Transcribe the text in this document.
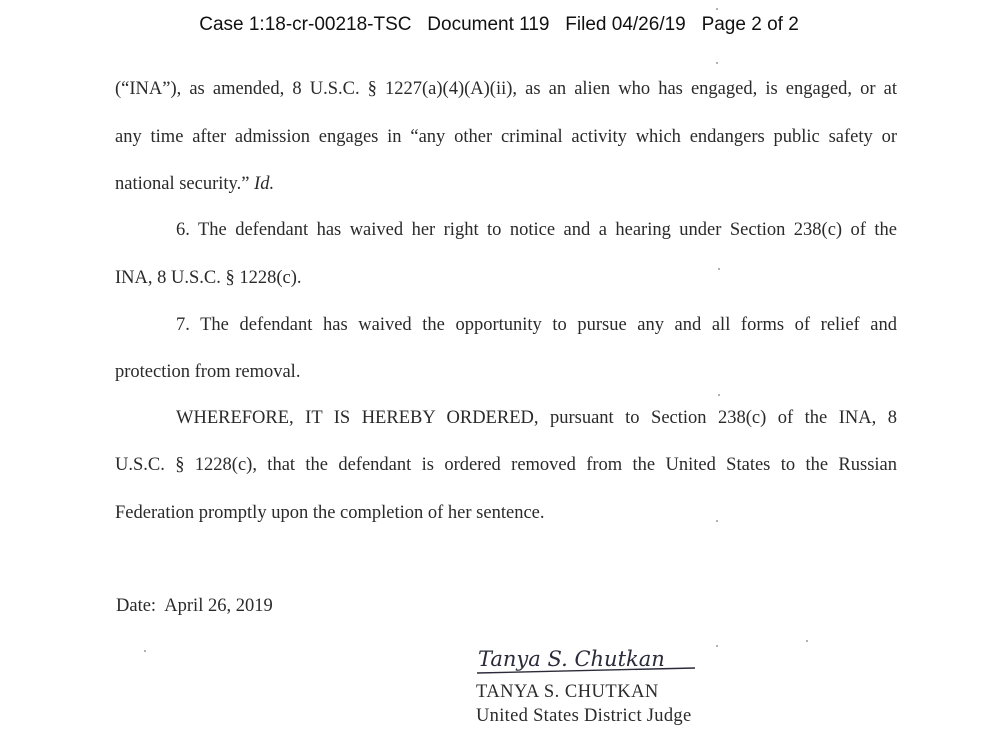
Case 1:18-cr-00218-TSC   Document 119   Filed 04/26/19   Page 2 of 2
(“INA”), as amended, 8 U.S.C. § 1227(a)(4)(A)(ii), as an alien who has engaged, is engaged, or at
any time after admission engages in “any other criminal activity which endangers public safety or
national security.” Id.
6. The defendant has waived her right to notice and a hearing under Section 238(c) of the
INA, 8 U.S.C. § 1228(c).
7. The defendant has waived the opportunity to pursue any and all forms of relief and
protection from removal.
WHEREFORE, IT IS HEREBY ORDERED, pursuant to Section 238(c) of the INA, 8
U.S.C. § 1228(c), that the defendant is ordered removed from the United States to the Russian
Federation promptly upon the completion of her sentence.
Date:  April 26, 2019
Tanya S. Chutkan
TANYA S. CHUTKAN
United States District Judge
